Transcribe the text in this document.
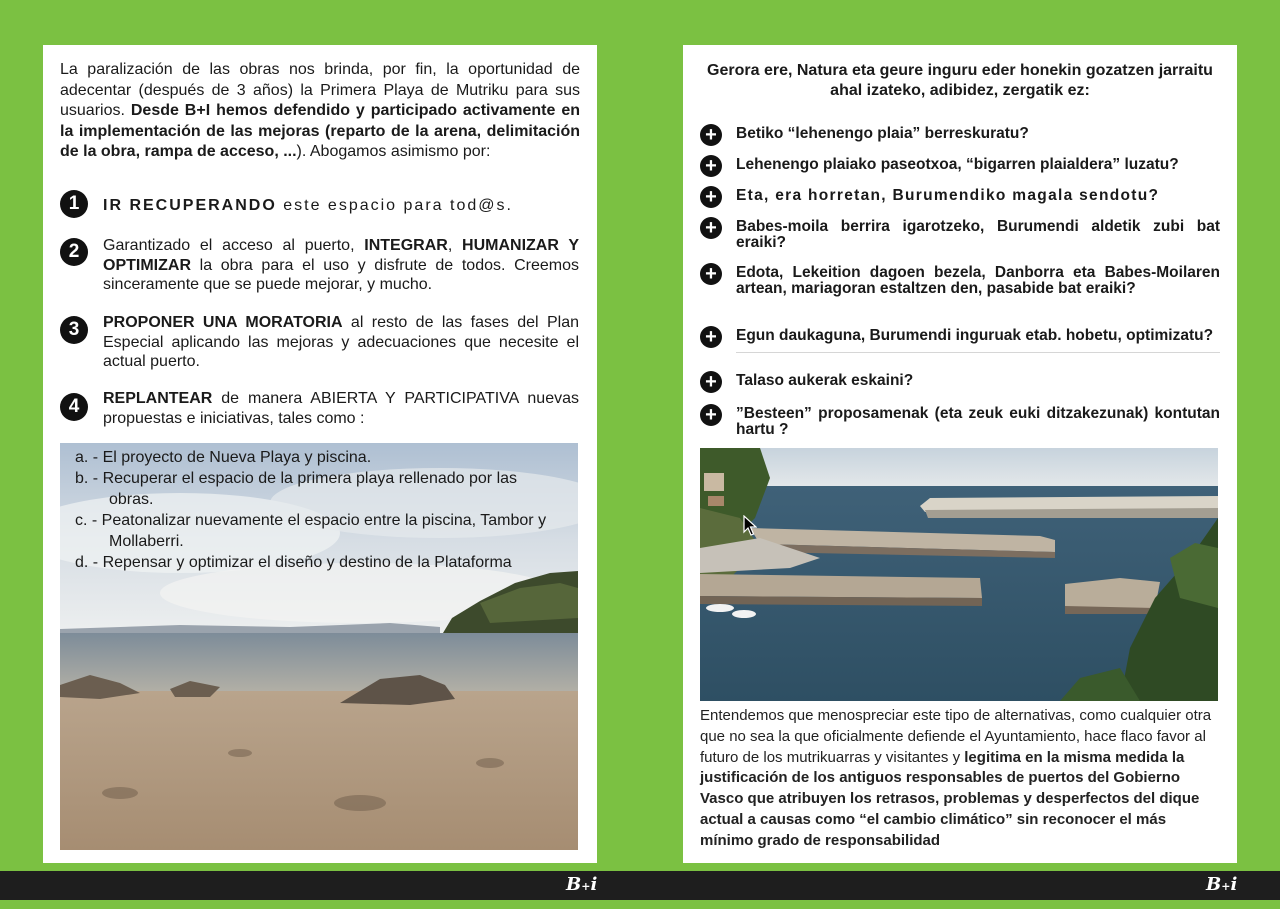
La paralización de las obras nos brinda, por fin, la oportunidad de adecentar (después de 3 años) la Primera Playa de Mutriku para sus usuarios. Desde B+I hemos defendido y participado activamente en la implementación de las mejoras (reparto de la arena, delimitación de la obra, rampa de acceso, ...). Abogamos asimismo por:

1	IR RECUPERANDO este espacio para tod@s.

2	Garantizado el acceso al puerto, INTEGRAR, HUMANIZAR Y OPTIMIZAR la obra para el uso y disfrute de todos. Creemos sinceramente que se puede mejorar, y mucho.

3	PROPONER UNA MORATORIA al resto de las fases del Plan Especial aplicando las mejoras y adecuaciones que necesite el actual puerto.

4	REPLANTEAR de manera ABIERTA Y PARTICIPATIVA nuevas propuestas e iniciativas, tales como :

a. - El proyecto de Nueva Playa y piscina.
b. - Recuperar el espacio de la primera playa rellenado por las obras.
c. - Peatonalizar nuevamente el espacio entre la piscina, Tambor y Mollaberri.
d. - Repensar y optimizar el diseño y destino de la Plataforma

Gerora ere, Natura eta geure inguru eder honekin gozatzen jarraitu ahal izateko, adibidez, zergatik ez:

+	Betiko “lehenengo plaia” berreskuratu?

+	Lehenengo plaiako paseotxoa, “bigarren plaialdera” luzatu?

+	Eta, era horretan, Burumendiko magala sendotu?

+	Babes-moila berrira igarotzeko, Burumendi aldetik zubi bat eraiki?

+	Edota, Lekeition dagoen bezela, Danborra eta Babes-Moilaren artean, mariagoran estaltzen den, pasabide bat eraiki?

+	Egun daukaguna, Burumendi inguruak etab. hobetu, optimizatu?

+	Talaso aukerak eskaini?

+	”Besteen” proposamenak (eta zeuk euki ditzakezunak) kontutan hartu ?

Entendemos que menospreciar este tipo de alternativas, como cualquier otra que no sea la que oficialmente defiende el Ayuntamiento, hace flaco favor al futuro de los mutrikuarras y visitantes y legitima en la misma medida la justificación de los antiguos responsables de puertos del Gobierno Vasco que atribuyen los retrasos, problemas y desperfectos del dique actual a causas como “el cambio climático” sin reconocer el más mínimo grado de responsabilidad

B+i	B+i
